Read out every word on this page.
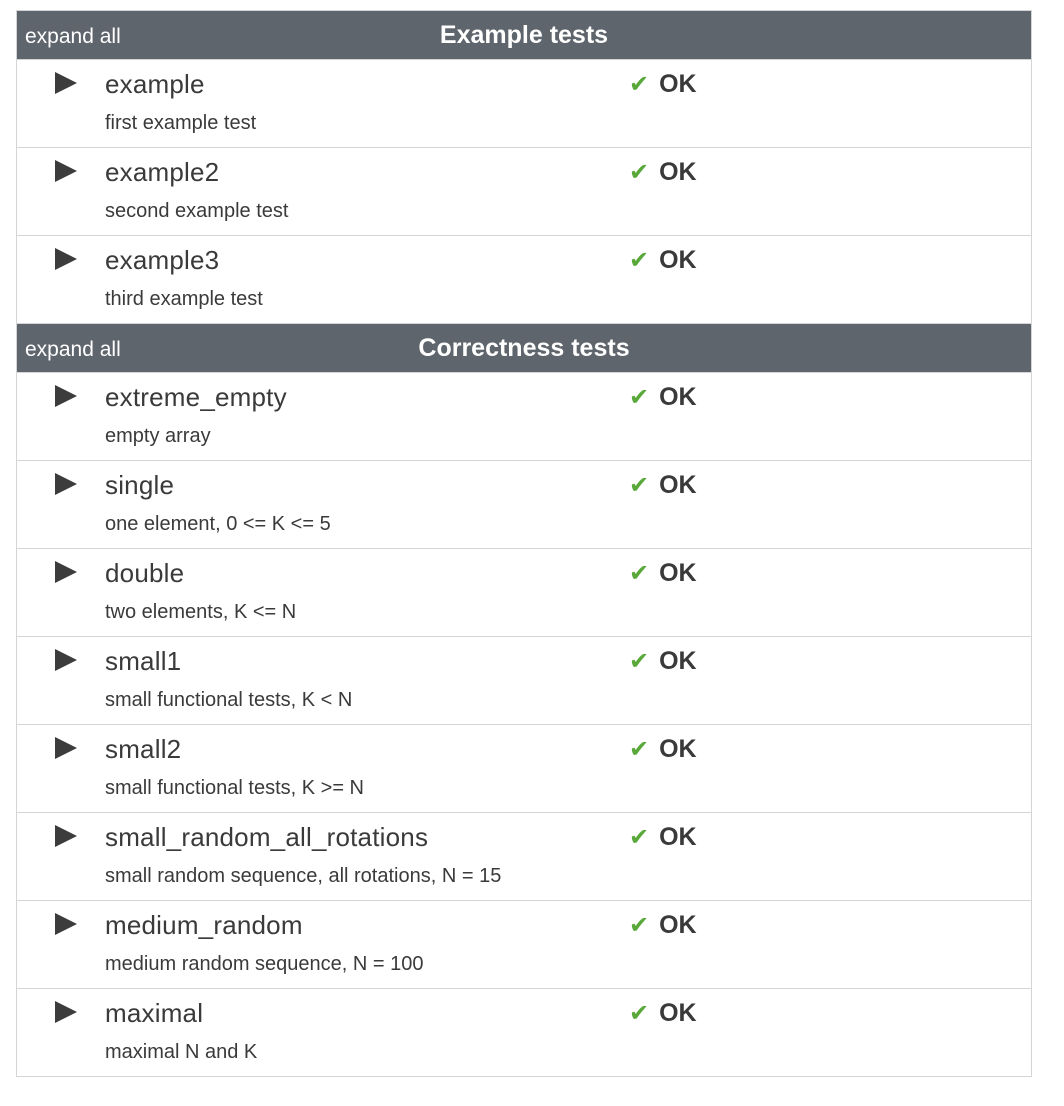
expand all	Example tests

example
first example test
✔ OK

example2
second example test
✔ OK

example3
third example test
✔ OK

expand all	Correctness tests

extreme_empty
empty array
✔ OK

single
one element, 0 <= K <= 5
✔ OK

double
two elements, K <= N
✔ OK

small1
small functional tests, K < N
✔ OK

small2
small functional tests, K >= N
✔ OK

small_random_all_rotations
small random sequence, all rotations, N = 15
✔ OK

medium_random
medium random sequence, N = 100
✔ OK

maximal
maximal N and K
✔ OK
